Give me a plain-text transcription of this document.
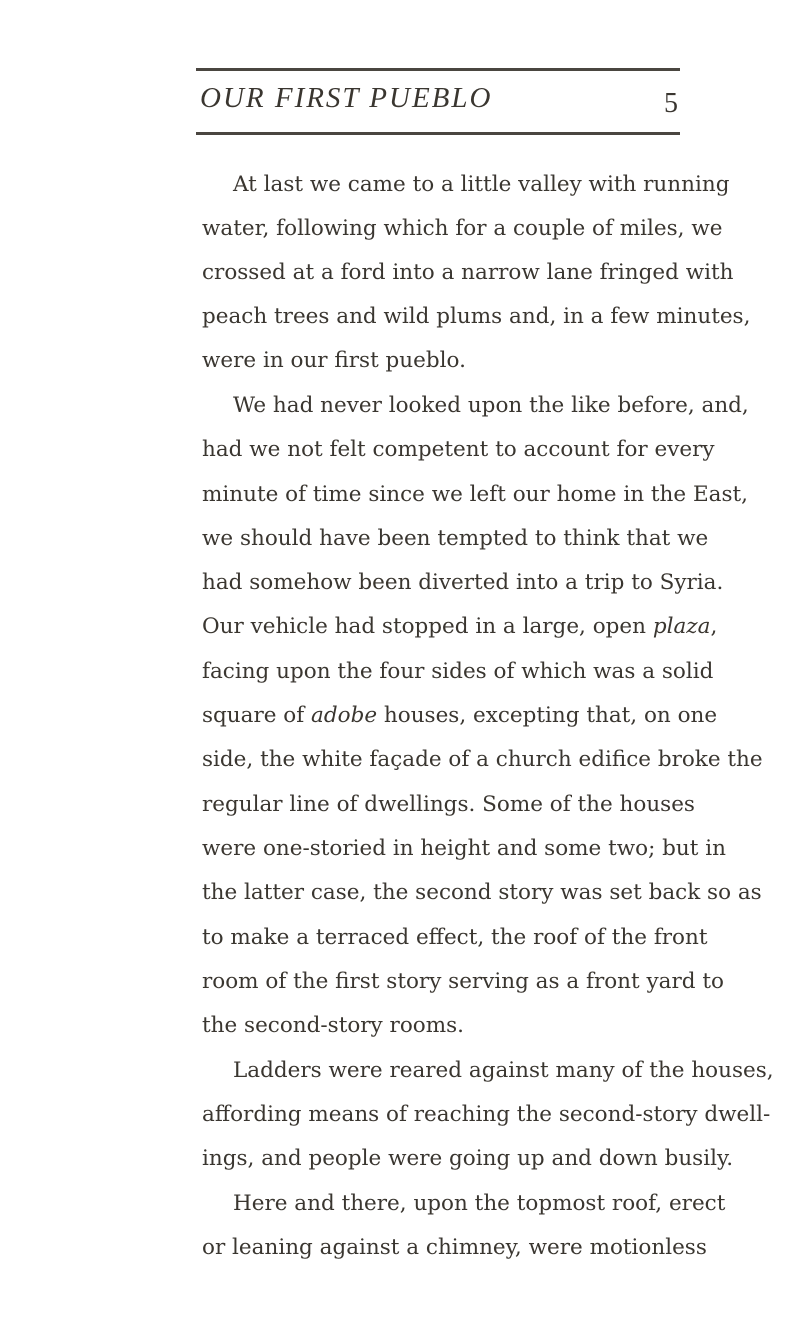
OUR FIRST PUEBLO	5
At last we came to a little valley with running
water, following which for a couple of miles, we
crossed at a ford into a narrow lane fringed with
peach trees and wild plums and, in a few minutes,
were in our first pueblo.
We had never looked upon the like before, and,
had we not felt competent to account for every
minute of time since we left our home in the East,
we should have been tempted to think that we
had somehow been diverted into a trip to Syria.
Our vehicle had stopped in a large, open plaza,
facing upon the four sides of which was a solid
square of adobe houses, excepting that, on one
side, the white façade of a church edifice broke the
regular line of dwellings. Some of the houses
were one-storied in height and some two; but in
the latter case, the second story was set back so as
to make a terraced effect, the roof of the front
room of the first story serving as a front yard to
the second-story rooms.
Ladders were reared against many of the houses,
affording means of reaching the second-story dwell-
ings, and people were going up and down busily.
Here and there, upon the topmost roof, erect
or leaning against a chimney, were motionless
